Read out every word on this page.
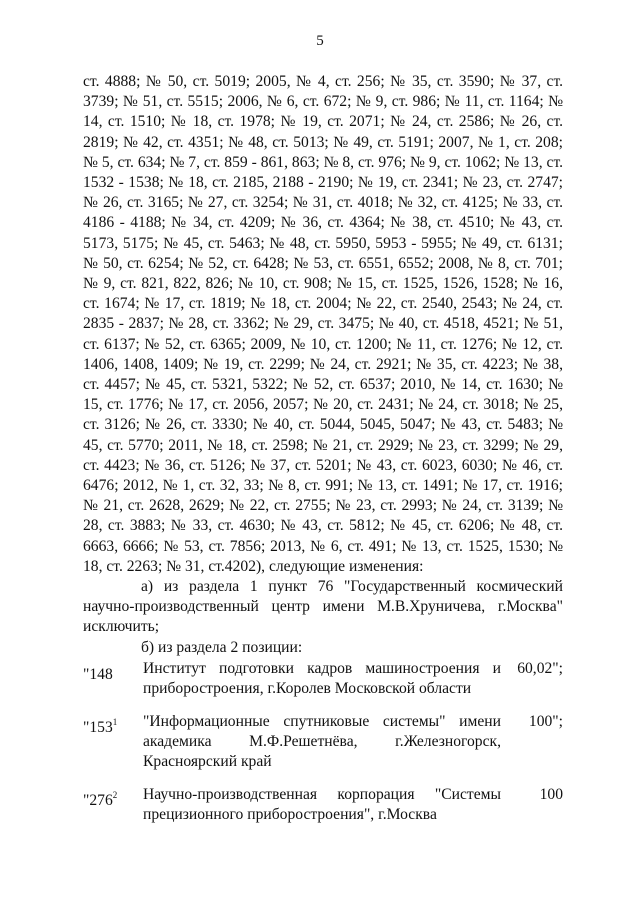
5

ст. 4888; № 50, ст. 5019; 2005, № 4, ст. 256; № 35, ст. 3590; № 37, ст. 3739; № 51, ст. 5515; 2006, № 6, ст. 672; № 9, ст. 986; № 11, ст. 1164; № 14, ст. 1510; № 18, ст. 1978; № 19, ст. 2071; № 24, ст. 2586; № 26, ст. 2819; № 42, ст. 4351; № 48, ст. 5013; № 49, ст. 5191; 2007, № 1, ст. 208; № 5, ст. 634; № 7, ст. 859 - 861, 863; № 8, ст. 976; № 9, ст. 1062; № 13, ст. 1532 - 1538; № 18, ст. 2185, 2188 - 2190; № 19, ст. 2341; № 23, ст. 2747; № 26, ст. 3165; № 27, ст. 3254; № 31, ст. 4018; № 32, ст. 4125; № 33, ст. 4186 - 4188; № 34, ст. 4209; № 36, ст. 4364; № 38, ст. 4510; № 43, ст. 5173, 5175; № 45, ст. 5463; № 48, ст. 5950, 5953 - 5955; № 49, ст. 6131; № 50, ст. 6254; № 52, ст. 6428; № 53, ст. 6551, 6552; 2008, № 8, ст. 701; № 9, ст. 821, 822, 826; № 10, ст. 908; № 15, ст. 1525, 1526, 1528; № 16, ст. 1674; № 17, ст. 1819; № 18, ст. 2004; № 22, ст. 2540, 2543; № 24, ст. 2835 - 2837; № 28, ст. 3362; № 29, ст. 3475; № 40, ст. 4518, 4521; № 51, ст. 6137; № 52, ст. 6365; 2009, № 10, ст. 1200; № 11, ст. 1276; № 12, ст. 1406, 1408, 1409; № 19, ст. 2299; № 24, ст. 2921; № 35, ст. 4223; № 38, ст. 4457; № 45, ст. 5321, 5322; № 52, ст. 6537; 2010, № 14, ст. 1630; № 15, ст. 1776; № 17, ст. 2056, 2057; № 20, ст. 2431; № 24, ст. 3018; № 25, ст. 3126; № 26, ст. 3330; № 40, ст. 5044, 5045, 5047; № 43, ст. 5483; № 45, ст. 5770; 2011, № 18, ст. 2598; № 21, ст. 2929; № 23, ст. 3299; № 29, ст. 4423; № 36, ст. 5126; № 37, ст. 5201; № 43, ст. 6023, 6030; № 46, ст. 6476; 2012, № 1, ст. 32, 33; № 8, ст. 991; № 13, ст. 1491; № 17, ст. 1916; № 21, ст. 2628, 2629; № 22, ст. 2755; № 23, ст. 2993; № 24, ст. 3139; № 28, ст. 3883; № 33, ст. 4630; № 43, ст. 5812; № 45, ст. 6206; № 48, ст. 6663, 6666; № 53, ст. 7856; 2013, № 6, ст. 491; № 13, ст. 1525, 1530; № 18, ст. 2263; № 31, ст.4202), следующие изменения:

а) из раздела 1 пункт 76 "Государственный космический научно-производственный центр имени М.В.Хруничева, г.Москва" исключить;

б) из раздела 2 позиции:

"148	Институт подготовки кадров машиностроения и приборостроения, г.Королев Московской области
60,02";
"$153^1$	"Информационные спутниковые системы" имени академика М.Ф.Решетнёва, г.Железногорск, Красноярский край
100";
"$276^2$	Научно-производственная корпорация "Системы прецизионного приборостроения", г.Москва
100
